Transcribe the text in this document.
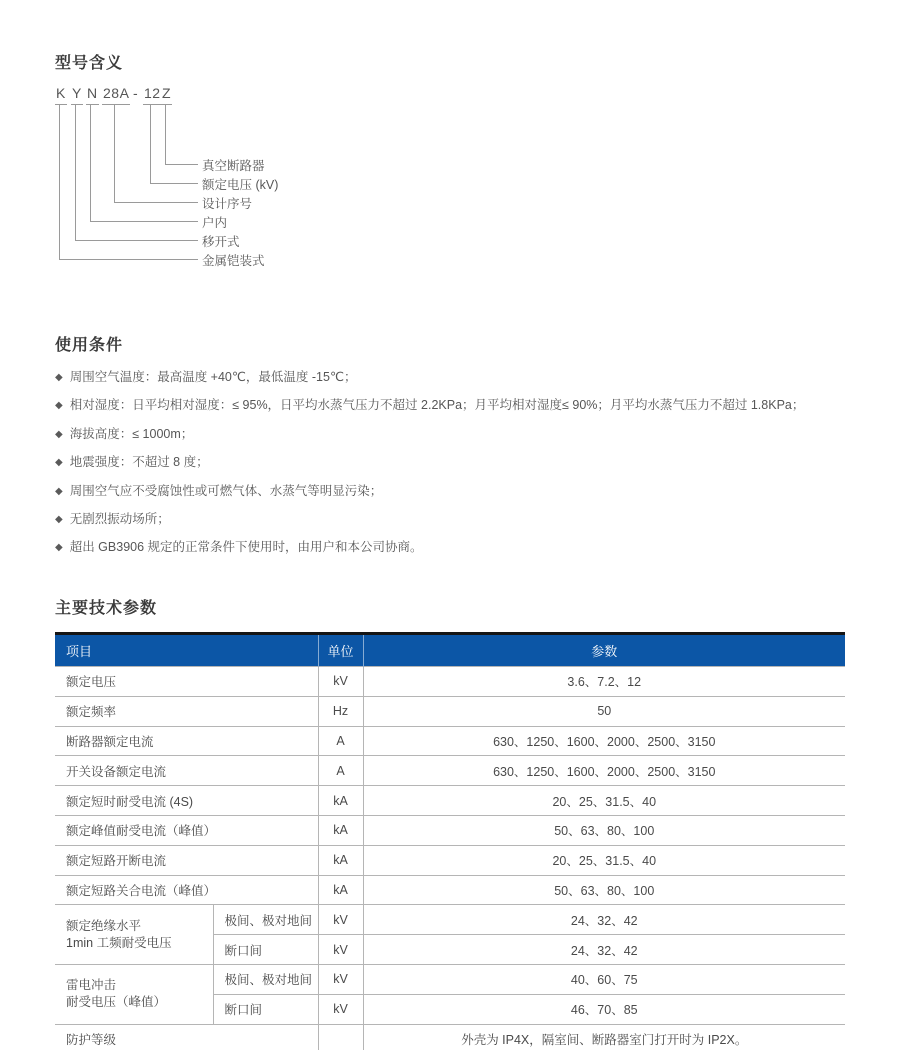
型号含义
K Y N 28A - 12 Z
真空断路器
额定电压 (kV)
设计序号
户内
移开式
金属铠装式
使用条件
◆ 周围空气温度：最高温度 +40℃，最低温度 -15℃；
◆ 相对湿度：日平均相对湿度：≤ 95%，日平均水蒸气压力不超过 2.2KPa；月平均相对湿度≤ 90%；月平均水蒸气压力不超过 1.8KPa；
◆ 海拔高度：≤ 1000m；
◆ 地震强度：不超过 8 度；
◆ 周围空气应不受腐蚀性或可燃气体、水蒸气等明显污染；
◆ 无剧烈振动场所；
◆ 超出 GB3906 规定的正常条件下使用时，由用户和本公司协商。
主要技术参数
项目		单位	参数
额定电压		kV	3.6、7.2、12
额定频率		Hz	50
断路器额定电流		A	630、1250、1600、2000、2500、3150
开关设备额定电流		A	630、1250、1600、2000、2500、3150
额定短时耐受电流 (4S)		kA	20、25、31.5、40
额定峰值耐受电流（峰值）		kA	50、63、80、100
额定短路开断电流		kA	20、25、31.5、40
额定短路关合电流（峰值）		kA	50、63、80、100

额定绝缘水平
1min 工频耐受电压	极间、极对地间	kV	24、32、42
	断口间	kV	24、32、42

雷电冲击
耐受电压（峰值）	极间、极对地间	kV	40、60、75
	断口间	kV	46、70、85
防护等级			外壳为 IP4X，隔室间、断路器室门打开时为 IP2X。
